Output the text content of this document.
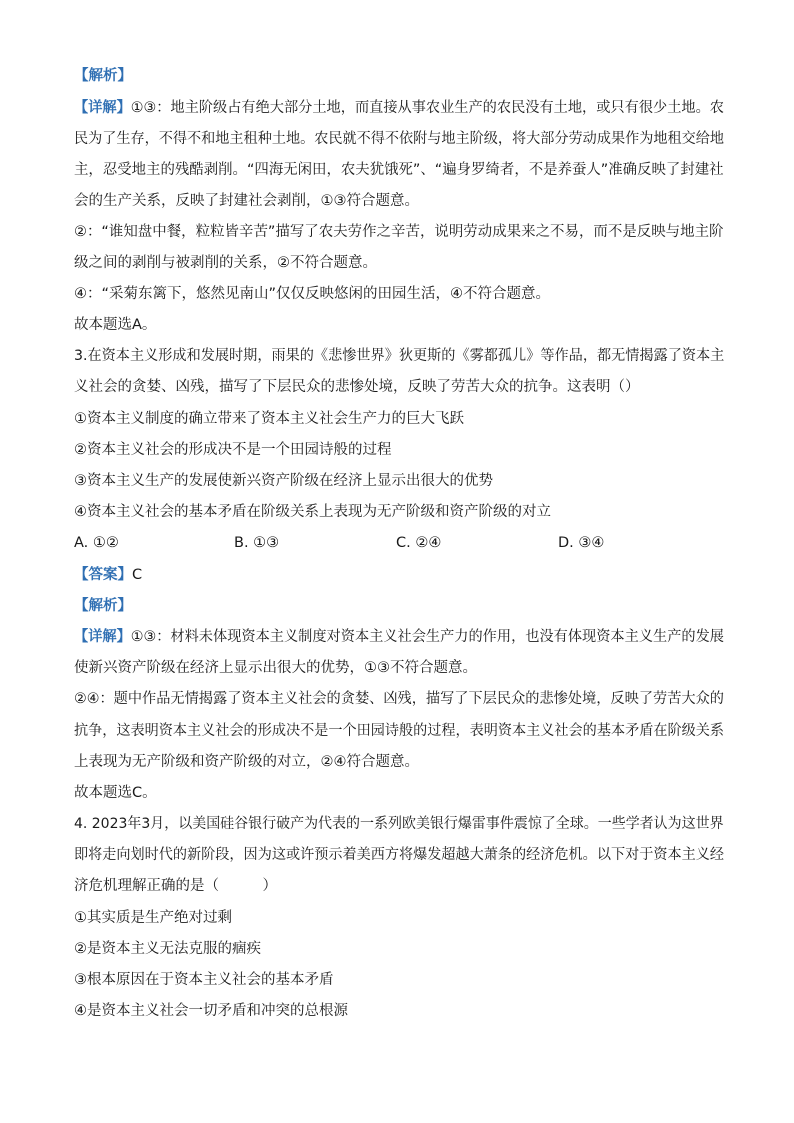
【解析】
【详解】①③：地主阶级占有绝大部分土地，而直接从事农业生产的农民没有土地，或只有很少土地。农
民为了生存，不得不和地主租种土地。农民就不得不依附与地主阶级，将大部分劳动成果作为地租交给地
主，忍受地主的残酷剥削。“四海无闲田，农夫犹饿死”、“遍身罗绮者，不是养蚕人”准确反映了封建社
会的生产关系，反映了封建社会剥削，①③符合题意。
②：“谁知盘中餐，粒粒皆辛苦”描写了农夫劳作之辛苦，说明劳动成果来之不易，而不是反映与地主阶
级之间的剥削与被剥削的关系，②不符合题意。
④：“采菊东篱下，悠然见南山”仅仅反映悠闲的田园生活，④不符合题意。
故本题选A。
3.在资本主义形成和发展时期，雨果的《悲惨世界》狄更斯的《雾都孤儿》等作品，都无情揭露了资本主
义社会的贪婪、凶残，描写了下层民众的悲惨处境，反映了劳苦大众的抗争。这表明（）
①资本主义制度的确立带来了资本主义社会生产力的巨大飞跃
②资本主义社会的形成决不是一个田园诗般的过程
③资本主义生产的发展使新兴资产阶级在经济上显示出很大的优势
④资本主义社会的基本矛盾在阶级关系上表现为无产阶级和资产阶级的对立
A. ①②	B. ①③	C. ②④	D. ③④
【答案】C
【解析】
【详解】①③：材料未体现资本主义制度对资本主义社会生产力的作用，也没有体现资本主义生产的发展
使新兴资产阶级在经济上显示出很大的优势，①③不符合题意。
②④：题中作品无情揭露了资本主义社会的贪婪、凶残，描写了下层民众的悲惨处境，反映了劳苦大众的
抗争，这表明资本主义社会的形成决不是一个田园诗般的过程，表明资本主义社会的基本矛盾在阶级关系
上表现为无产阶级和资产阶级的对立，②④符合题意。
故本题选C。
4. 2023年3月，以美国硅谷银行破产为代表的一系列欧美银行爆雷事件震惊了全球。一些学者认为这世界
即将走向划时代的新阶段，因为这或许预示着美西方将爆发超越大萧条的经济危机。以下对于资本主义经
济危机理解正确的是（　　　）
①其实质是生产绝对过剩
②是资本主义无法克服的痼疾
③根本原因在于资本主义社会的基本矛盾
④是资本主义社会一切矛盾和冲突的总根源
